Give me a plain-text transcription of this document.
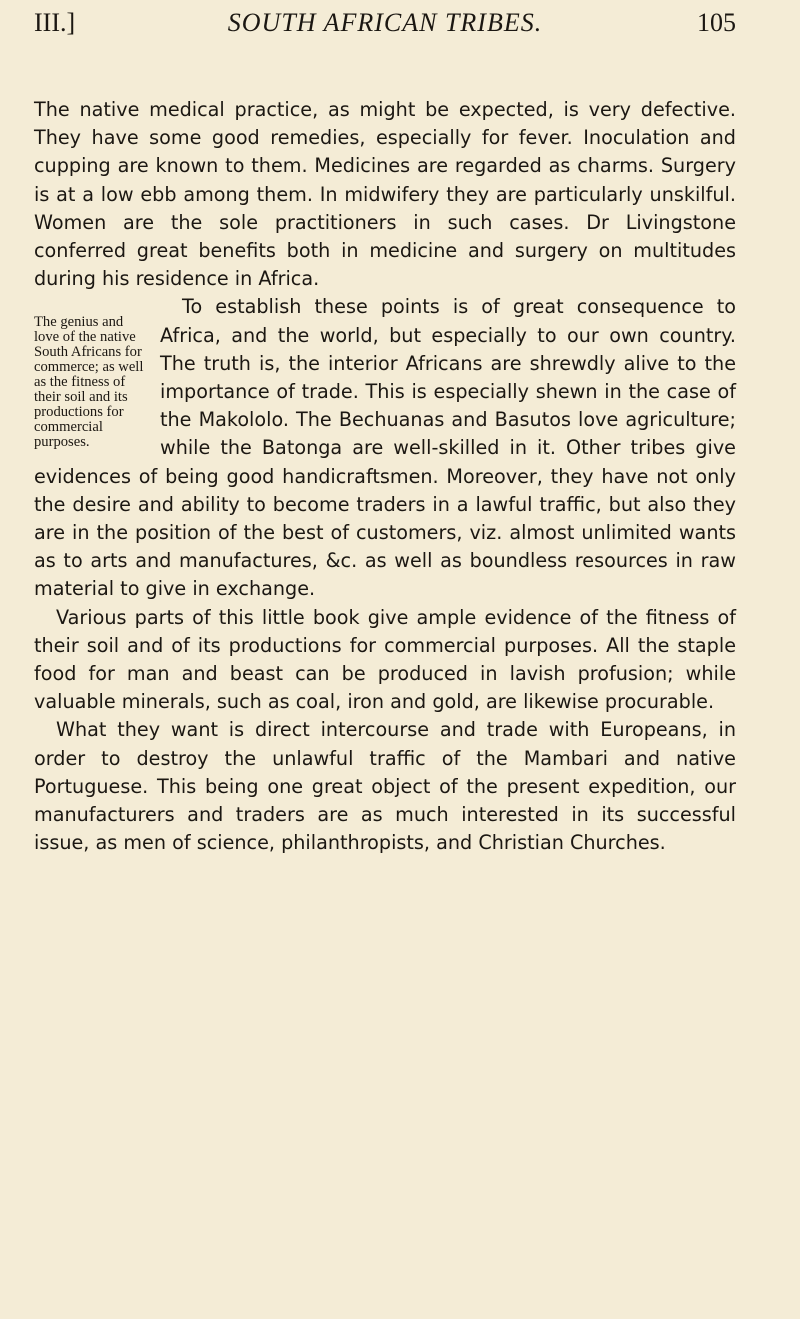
III.]	SOUTH AFRICAN TRIBES.	105

The native medical practice, as might be expected, is very defective. They have some good remedies, especially for fever. Inoculation and cupping are known to them. Medicines are regarded as charms. Surgery is at a low ebb among them. In midwifery they are particularly unskilful. Women are the sole practitioners in such cases. Dr Livingstone conferred great benefits both in medicine and surgery on multitudes during his residence in Africa.

The genius and love of the native South Africans for commerce; as well as the fitness of their soil and its productions for commercial purposes.

To establish these points is of great consequence to Africa, and the world, but especially to our own country. The truth is, the interior Africans are shrewdly alive to the importance of trade. This is especially shewn in the case of the Makololo. The Bechuanas and Basutos love agriculture; while the Batonga are well-skilled in it. Other tribes give evidences of being good handicraftsmen. Moreover, they have not only the desire and ability to become traders in a lawful traffic, but also they are in the position of the best of customers, viz. almost unlimited wants as to arts and manufactures, &c. as well as boundless resources in raw material to give in exchange.

Various parts of this little book give ample evidence of the fitness of their soil and of its productions for commercial purposes. All the staple food for man and beast can be produced in lavish profusion; while valuable minerals, such as coal, iron and gold, are likewise procurable.

What they want is direct intercourse and trade with Europeans, in order to destroy the unlawful traffic of the Mambari and native Portuguese. This being one great object of the present expedition, our manufacturers and traders are as much interested in its successful issue, as men of science, philanthropists, and Christian Churches.
